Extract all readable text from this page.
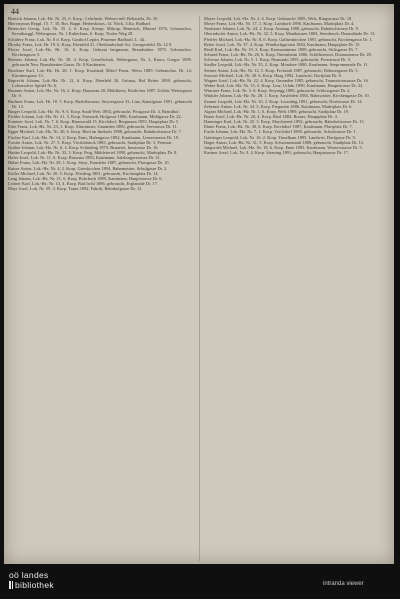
44

Benisch Johann, Lok.-Hz. Nr. 25, 6. Korp., Lehrlinde, Webers-ndl. Bekasiela, Dr. 30.

Hieronymus Beppl, 15. 7. 35, Rot. Bappi. Herbeskinos, 14. Nöck, 3.Ka. Radbarf.

Bernecker Georg, Lok. Nr. 35. 2. 6. Korp. Steurp. Mikrap, Bennisch, Blumel 1876, Gebrauchss, Kreuthurggl, Webergasse, Nr. 1 Kalterhaus, 6. Korp, Tiroler Weg 28.

Schülery Franz, Lok. Nr. 8 d. Korp. Gasthof Leptin, Pinzener Radbartl. L. 44.

Dlouhy Franz, Lok. Hr. 19. 6. Korp. Ebenfeld 21, Oberlandschaft Sct. Georgenfeld, Dr. 12 9.

Pleyer Josef, Lok.-Hz. Hr. 16. 6. Korp. Gebraut bergmann, Brandstätter 1875. Gebrauchss. Kirchengasse 3.

Brenner Johann, Lok.-Hz. Nr. 38, 4. Korp. Gesellschaft, Webergasse, Nr. 2, Knorr, Gregor 1899. gebraucht Neu, Brandstetten Gasse, Dr. 8 Kaufmann.

Bruckner Karl, Lok.-Hz. Hr. 20. 1. Korp. Kotaland, Mittel Franz, Weiss 1889. Gebrauchss. Dr. 14, Kärntnergasse 13.

Ruprecht Johann, Lok.-Hz. Nr. 12, 6. Korp. Ebenfeld 26, Grünau, Hof Reiter 1890. gebraucht, Lokomotive Spittel Nr. 6.

Brunner Anton, Lok.-Hz. Nr. 16, 2. Korp. Hauserau 20, Mühlkreis, Kistlicher 1887, Urfahr, Webergasse Dr. 9.

Buchner Franz, Lok. Hr. 18. 5. Korp. Rudolfstrasse, Steyrergasse 33, Linz, Kanalgasse 1891, gebraucht Dr. 13.

Burger Leopold, Lok.-Hz. Nr. 9, 6. Korp. Stadt Wels 1884, gebraucht, Postgasse Dr. 4, Brandhof.

Pichler Johann, Lok.-Hz. Nr. 31, 3. Korp. Freistadt, Hofgasse 1886, Kaufmann, Mühlgasse Dr. 22.

Pointner Josef, Lok. Nr. 7. 6. Korp. Hasenwald 15, Kirchdorf, Bergmann 1893, Hauptplatz Dr. 5.

Eder Franz, Lok.-Hz. Nr. 23, 1. Korp. Altmünster, Gmunden 1880, gebraucht, Seestrasse Dr. 11.

Egger Michael, Lok.-Hz. Nr. 40, 6. Korp. Ried im Innkreis 1888, gebraucht, Bahnhofstrasse Dr. 7.

Fischer Karl, Lok.-Hz. Nr. 14, 2. Korp. Enns, Hafengasse 1892, Kaufmann, Linzerstrasse Dr. 19.

Forster Anton, Lok. Nr. 27. 5. Korp. Vöcklabruck 1885, gebraucht, Stadtplatz Dr. 3, Pension.

Gruber Johann, Lok.-Hz. Nr. 6, 4. Korp. Schärding 1879, Brauerei, Innstrasse Dr. 16.

Haider Leopold, Lok.-Hz. Nr. 33, 3. Korp. Perg, Mühlviertel 1890, gebraucht, Marktplatz Dr. 8.

Hofer Josef, Lok. Nr. 11. 6. Korp. Braunau 1883, Kaufmann, Salzburgerstrasse Dr. 21.

Huber Franz, Lok.-Hz. Nr. 29, 1. Korp. Steyr, Ennsleite 1887, gebraucht, Pfarrgasse Dr. 10.

Kaiser Anton, Lok.-Hz. Nr. 4, 2. Korp. Grieskirchen 1894, Bahnmeister, Schulgasse Dr. 2.

Koller Michael, Lok. Nr. 36. 5. Korp. Eferding 1881, gebraucht, Kirchenplatz Dr. 14.

Lang Johann, Lok.-Hz. Nr. 21, 6. Korp. Rohrbach 1889, Kaufmann, Hauptstrasse Dr. 6.

Leitner Karl, Lok.-Hz. Nr. 13, 4. Korp. Bad Ischl 1886, gebraucht, Esplanade Dr. 17.

Mayr Josef, Lok. Nr. 39. 3. Korp. Traun 1892, Fabrik, Bahnhofgasse Dr. 12.

Mayer Leopold, Lok.-Hz. Nr. 2, 6. Korp. Gebraucht 1885, Wels, Ringstrasse Dr. 18.

Moser Franz, Lok.-Hz. Nr. 17, 1. Korp. Lambach 1890, Kaufmann, Marktplatz Dr. 4.

Neubauer Johann, Lok. Nr. 24. 2. Korp. Attnang 1888, gebraucht, Bahnhofstrasse Dr. 9.

Oberndorfer Anton, Lok.-Hz. Nr. 32, 5. Korp. Mauthausen 1883, Steinbruch, Donaulände Dr. 13.

Pfeiffer Michael, Lok.-Hz. Nr. 8, 6. Korp. Gallneukirchen 1891, gebraucht, Kirchengasse Dr. 1.

Reiter Josef, Lok. Nr. 37. 4. Korp. Windischgarsten 1884, Kaufmann, Hauptplatz Dr. 15.

Riedl Karl, Lok.-Hz. Nr. 19, 3. Korp. Kremsmünster 1889, gebraucht, Stiftsgasse Dr. 7.

Schmid Franz, Lok.-Hz. Nr. 26, 6. Korp. Ottensheim 1886, Schiffmeister, Donaustrasse Dr. 20.

Schwarz Johann, Lok. Nr. 5. 1. Korp. Neumarkt 1893, gebraucht, Poststrasse Dr. 3.

Stadler Leopold, Lok.-Hz. Nr. 35, 2. Korp. Mondsee 1880, Kaufmann, Seepromenade Dr. 11.

Steiner Anton, Lok.-Hz. Nr. 12, 5. Korp. Freistadt 1887, gebraucht, Böhmergasse Dr. 5.

Strasser Michael, Lok. Nr. 30. 6. Korp. Haag 1892, Landwirt, Dorfplatz Dr. 8.

Wagner Josef, Lok.-Hz. Nr. 22, 4. Korp. Gmunden 1885, gebraucht, Traunsteinstrasse Dr. 16.

Weber Karl, Lok.-Hz. Nr. 15, 3. Korp. Linz, Urfahr 1890, Kaufmann, Hauptstrasse Dr. 22.

Wimmer Franz, Lok. Nr. 3. 6. Korp. Steyregg 1888, gebraucht, Schlossgasse Dr. 2.

Winkler Johann, Lok.-Hz. Nr. 28, 1. Korp. Ansfelden 1883, Bahnwärter, Kirchengasse Dr. 10.

Zauner Leopold, Lok.-Hz. Nr. 10, 2. Korp. Leonding 1891, gebraucht, Dorfstrasse Dr. 14.

Zehetner Anton, Lok. Nr. 34. 5. Korp. Pregarten 1886, Kaufmann, Marktplatz Dr. 6.

Aigner Michael, Lok.-Hz. Nr. 1, 6. Korp. Wels 1889, gebraucht, Stadtplatz Dr. 19.

Bauer Josef, Lok.-Hz. Nr. 20, 4. Korp. Ried 1884, Brauer, Hauptplatz Dr. 4.

Danninger Karl, Lok. Nr. 25. 3. Korp. Marchtrenk 1892, gebraucht, Bahnhofstrasse Dr. 13.

Ebner Franz, Lok.-Hz. Nr. 38, 6. Korp. Kirchdorf 1887, Kaufmann, Pfarrplatz Dr. 7.

Fuchs Johann, Lok.-Hz. Nr. 7, 1. Korp. Vorchdorf 1890, gebraucht, Schulstrasse Dr. 1.

Gattringer Leopold, Lok. Nr. 16. 2. Korp. Timelkam 1885, Landwirt, Dorfgasse Dr. 9.

Hager Anton, Lok.-Hz. Nr. 31, 5. Korp. Schwanenstadt 1888, gebraucht, Stadtplatz Dr. 12.

Jungwirth Michael, Lok.-Hz. Nr. 18, 6. Korp. Enns 1883, Kaufmann, Wienerstrasse Dr. 5.

Kastner Josef, Lok. Nr. 9. 4. Korp. Sierning 1891, gebraucht, Hauptstrasse Dr. 17.

oö landes
bibliothek	intranda viewer
